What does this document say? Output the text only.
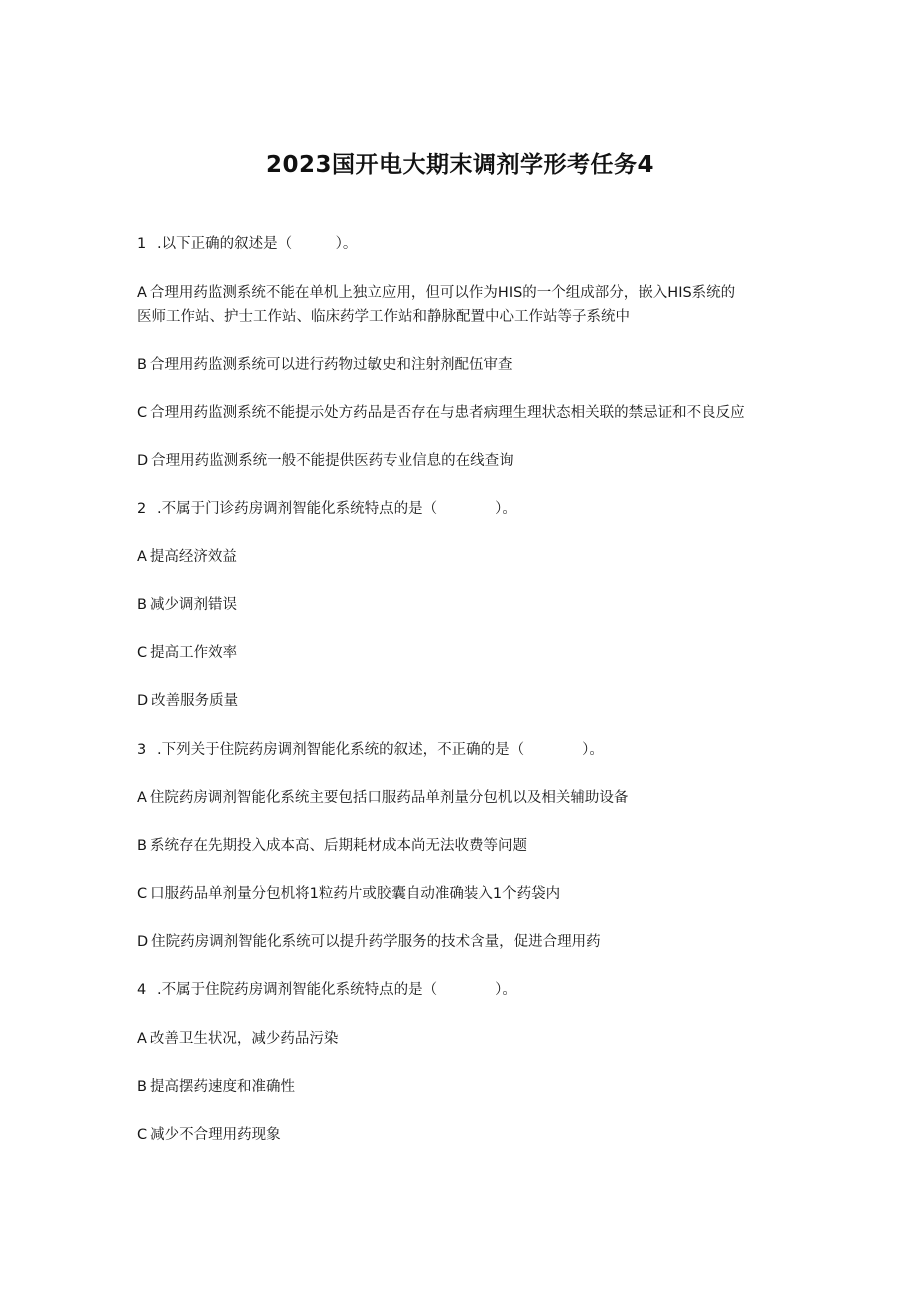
2023国开电大期末调剂学形考任务4
1 .以下正确的叙述是（　　　）。
A 合理用药监测系统不能在单机上独立应用，但可以作为HIS的一个组成部分，嵌入HIS系统的
医师工作站、护士工作站、临床药学工作站和静脉配置中心工作站等子系统中
B 合理用药监测系统可以进行药物过敏史和注射剂配伍审查
C 合理用药监测系统不能提示处方药品是否存在与患者病理生理状态相关联的禁忌证和不良反应
D 合理用药监测系统一般不能提供医药专业信息的在线查询
2 .不属于门诊药房调剂智能化系统特点的是（　　　　）。
A 提高经济效益
B 减少调剂错误
C 提高工作效率
D 改善服务质量
3 .下列关于住院药房调剂智能化系统的叙述，不正确的是（　　　　）。
A 住院药房调剂智能化系统主要包括口服药品单剂量分包机以及相关辅助设备
B 系统存在先期投入成本高、后期耗材成本尚无法收费等问题
C 口服药品单剂量分包机将1粒药片或胶囊自动准确装入1个药袋内
D 住院药房调剂智能化系统可以提升药学服务的技术含量，促进合理用药
4 .不属于住院药房调剂智能化系统特点的是（　　　　）。
A 改善卫生状况，减少药品污染
B 提高摆药速度和准确性
C 减少不合理用药现象
